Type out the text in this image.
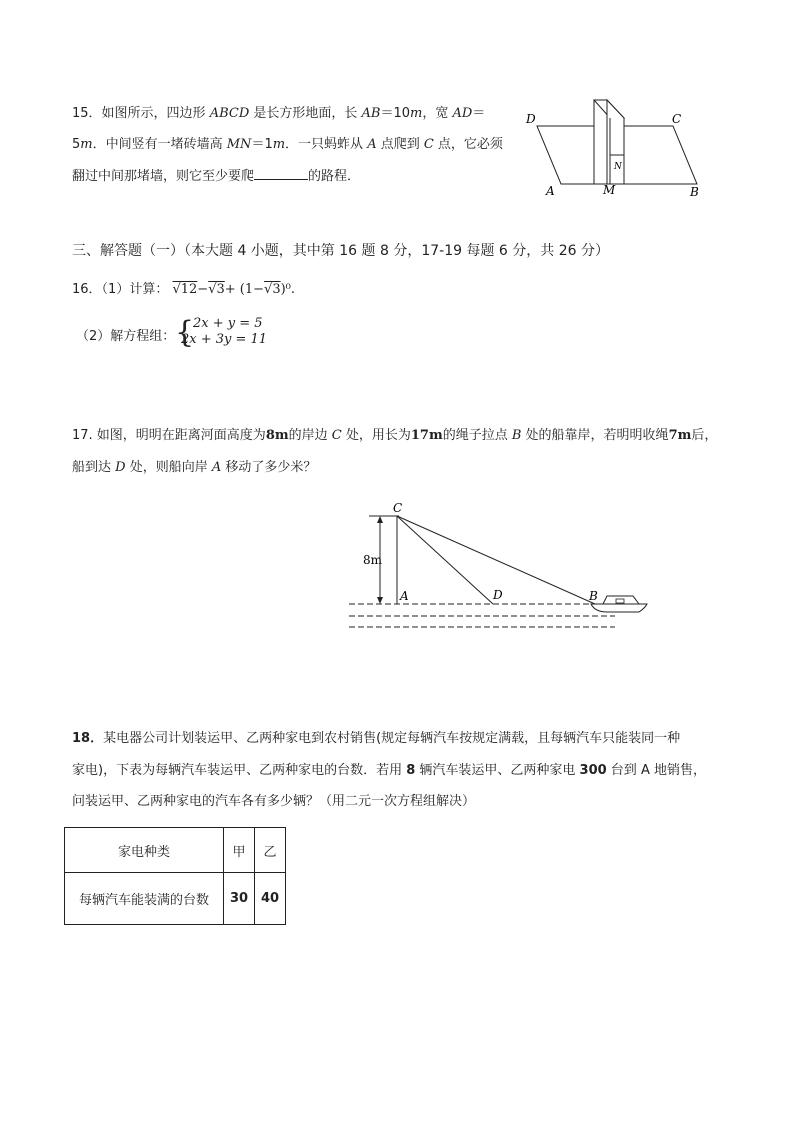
15．如图所示，四边形 ABCD 是长方形地面，长 AB＝10m，宽 AD＝
5m．中间竖有一堵砖墙高 MN＝1m．一只蚂蚱从 A 点爬到 C 点，它必须
翻过中间那堵墙，则它至少要爬	的路程．
D	C
A	M	B
N
三、解答题（一）（本大题 4 小题，其中第 16 题 8 分，17-19 每题 6 分，共 26 分）
16．（1）计算： √12−√3+ (1−√3)⁰.
（2）解方程组： {
2x + y = 5
2x + 3y = 11
17. 如图，明明在距离河面高度为8m的岸边 C 处，用长为17m的绳子拉点 B 处的船靠岸，若明明收绳7m后，
船到达 D 处，则船向岸 A 移动了多少米？
C
8m
A	D	B
18．某电器公司计划装运甲、乙两种家电到农村销售(规定每辆汽车按规定满载，且每辆汽车只能装同一种
家电)，下表为每辆汽车装运甲、乙两种家电的台数．若用 8 辆汽车装运甲、乙两种家电 300 台到 A 地销售，
问装运甲、乙两种家电的汽车各有多少辆？（用二元一次方程组解决）
家电种类	甲	乙
每辆汽车能装满的台数	30	40
